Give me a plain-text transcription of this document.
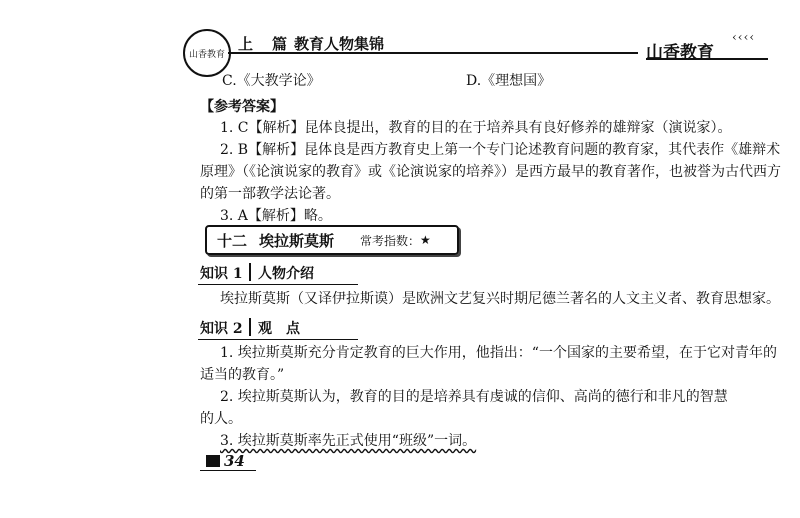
山香教育
上　篇 教育人物集锦	山香教育
‹‹‹‹
C.《大教学论》	D.《理想国》
【参考答案】
1. C【解析】昆体良提出，教育的目的在于培养具有良好修养的雄辩家（演说家）。
2. B【解析】昆体良是西方教育史上第一个专门论述教育问题的教育家，其代表作《雄辩术
原理》（《论演说家的教育》或《论演说家的培养》）是西方最早的教育著作，也被誉为古代西方
的第一部教学法论著。
3. A【解析】略。
十二 埃拉斯莫斯 常考指数： ★
知识 1 人物介绍
埃拉斯莫斯（又译伊拉斯谟）是欧洲文艺复兴时期尼德兰著名的人文主义者、教育思想家。
知识 2 观　点
1. 埃拉斯莫斯充分肯定教育的巨大作用，他指出：“一个国家的主要希望，在于它对青年的
适当的教育。”
2. 埃拉斯莫斯认为，教育的目的是培养具有虔诚的信仰、高尚的德行和非凡的智慧
的人。
3. 埃拉斯莫斯率先正式使用“班级”一词。
34
